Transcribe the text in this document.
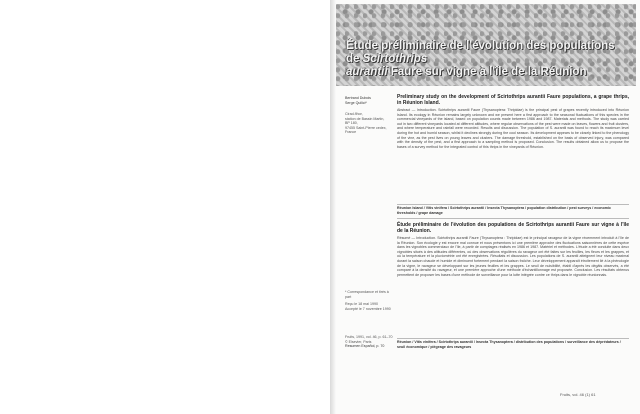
Étude préliminaire de l'évolution des populations de Scirtothrips
aurantii Faure sur vigne à l'île de la Réunion
Bertrand Dubois
Serge Quilici*
Cirad-flhor,
station de Bassin Martin,
BP 180,
97455 Saint-Pierre cedex,
France
* Correspondance et tirés à part
Reçu le 18 mai 1990
Accepté le 7 novembre 1990
Fruits, 1991, vol. 46, p. 61–70
© Elsevier, Paris
Resumen Español, p. 70
Preliminary study on the development of Scirtothrips aurantii Faure populations, a grape thrips, in Réunion Island.

Abstract — Introduction. Scirtothrips aurantii Faure (Thysanoptera: Thripidae) is the principal pest of grapes recently introduced into Réunion Island. Its ecology in Réunion remains largely unknown and we present here a first approach to the seasonal fluctuations of this species in the commercial vineyards of the island, based on population counts made between 1986 and 1987. Materials and methods. The study was carried out in two different vineyards located at different altitudes, where regular observations of the pest were made on leaves, flowers and fruit clusters, and where temperature and rainfall were recorded. Results and discussion. The population of S. aurantii was found to reach its maximum level during the hot and humid season, whilst it declines strongly during the cool season. Its development appears to be closely linked to the phenology of the vine, as the pest lives on young leaves and clusters. The damage threshold, established on the basis of observed injury, was compared with the density of the pest, and a first approach to a sampling method is proposed. Conclusion. The results obtained allow us to propose the bases of a survey method for the integrated control of this thrips in the vineyards of Réunion.

Réunion Island / Vitis vinifera / Scirtothrips aurantii / Insecta Thysanoptera / population distribution / pest surveys / economic thresholds / grape damage
Étude préliminaire de l'évolution des populations de Scirtothrips aurantii Faure sur vigne à l'île de la Réunion.

Résumé — Introduction. Scirtothrips aurantii Faure (Thysanoptera : Thripidae) est le principal ravageur de la vigne récemment introduit à l'île de la Réunion. Son écologie y est encore mal connue et nous présentons ici une première approche des fluctuations saisonnières de cette espèce dans les vignobles commerciaux de l'île, à partir de comptages réalisés en 1986 et 1987. Matériel et méthodes. L'étude a été conduite dans deux vignobles situés à des altitudes différentes, où des observations régulières du ravageur ont été faites sur les feuilles, les fleurs et les grappes, et où la température et la pluviométrie ont été enregistrées. Résultats et discussion. Les populations de S. aurantii atteignent leur niveau maximal durant la saison chaude et humide et diminuent fortement pendant la saison fraîche. Leur développement apparaît étroitement lié à la phénologie de la vigne, le ravageur se développant sur les jeunes feuilles et les grappes. Le seuil de nuisibilité, établi d'après les dégâts observés, a été comparé à la densité du ravageur, et une première approche d'une méthode d'échantillonnage est proposée. Conclusion. Les résultats obtenus permettent de proposer les bases d'une méthode de surveillance pour la lutte intégrée contre ce thrips dans le vignoble réunionnais.

Réunion / Vitis vinifera / Scirtothrips aurantii / Insecta Thysanoptera / distribution des populations / surveillance des déprédateurs / seuil économique / piégeage des ravageurs
Fruits, vol. 46 (1) 61
